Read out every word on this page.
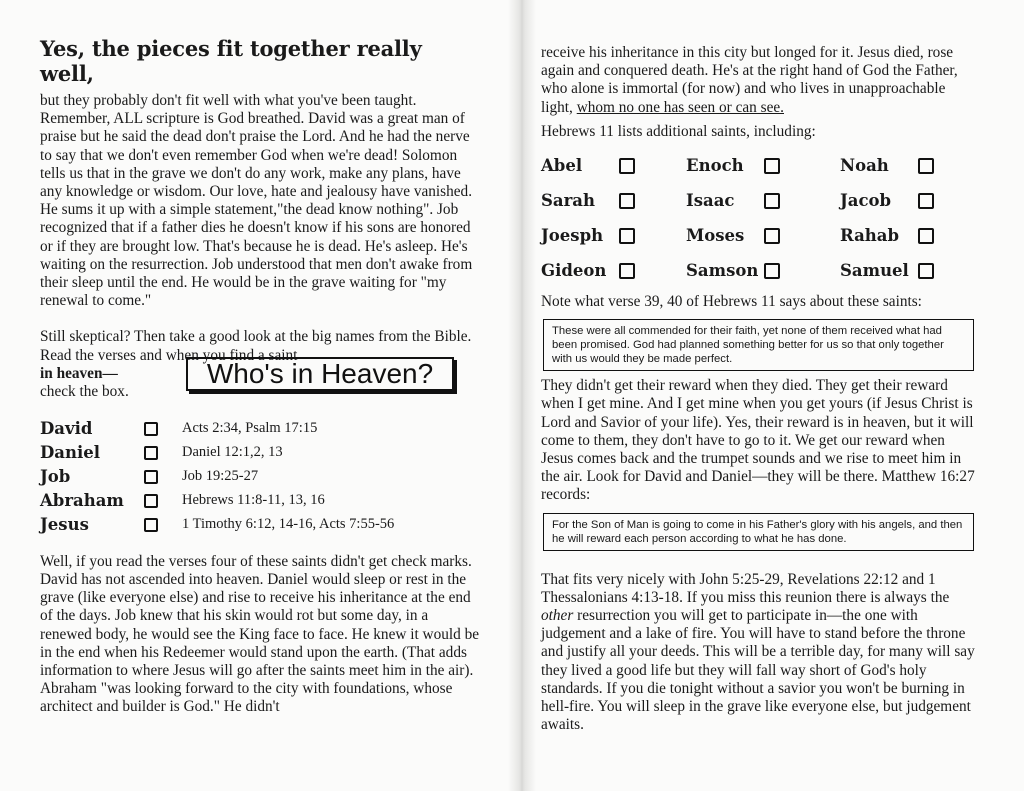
Yes, the pieces fit together really well,

but they probably don't fit well with what you've been taught. Remember, ALL scripture is God breathed. David was a great man of praise but he said the dead don't praise the Lord. And he had the nerve to say that we don't even remember God when we're dead! Solomon tells us that in the grave we don't do any work, make any plans, have any knowledge or wisdom. Our love, hate and jealousy have vanished. He sums it up with a simple statement,"the dead know nothing". Job recognized that if a father dies he doesn't know if his sons are honored or if they are brought low. That's because he is dead. He's asleep. He's waiting on the resurrection. Job understood that men don't awake from their sleep until the end. He would be in the grave waiting for "my renewal to come."

Still skeptical? Then take a good look at the big names from the Bible. Read the verses and when you find a saint

in heaven—
check the box.
Who's in Heaven?
David		Acts 2:34, Psalm 17:15
Daniel		Daniel 12:1,2, 13
Job		Job 19:25-27
Abraham		Hebrews 11:8-11, 13, 16
Jesus		1 Timothy 6:12, 14-16, Acts 7:55-56

Well, if you read the verses four of these saints didn't get check marks. David has not ascended into heaven. Daniel would sleep or rest in the grave (like everyone else) and rise to receive his inheritance at the end of the days. Job knew that his skin would rot but some day, in a renewed body, he would see the King face to face. He knew it would be in the end when his Redeemer would stand upon the earth. (That adds information to where Jesus will go after the saints meet him in the air). Abraham "was looking forward to the city with foundations, whose architect and builder is God." He didn't

receive his inheritance in this city but longed for it. Jesus died, rose again and conquered death. He's at the right hand of God the Father, who alone is immortal (for now) and who lives in unapproachable light, whom no one has seen or can see.

Hebrews 11 lists additional saints, including:

Abel	Enoch	Noah
Sarah	Isaac	Jacob
Joesph	Moses	Rahab
Gideon	Samson	Samuel

Note what verse 39, 40 of Hebrews 11 says about these saints:

These were all commended for their faith, yet none of them received what had been promised. God had planned something better for us so that only together with us would they be made perfect.

They didn't get their reward when they died. They get their reward when I get mine. And I get mine when you get yours (if Jesus Christ is Lord and Savior of your life). Yes, their reward is in heaven, but it will come to them, they don't have to go to it. We get our reward when Jesus comes back and the trumpet sounds and we rise to meet him in the air. Look for David and Daniel—they will be there. Matthew 16:27 records:

For the Son of Man is going to come in his Father's glory with his angels, and then he will reward each person according to what he has done.

That fits very nicely with John 5:25-29, Revelations 22:12 and 1 Thessalonians 4:13-18. If you miss this reunion there is always the other resurrection you will get to participate in—the one with judgement and a lake of fire. You will have to stand before the throne and justify all your deeds. This will be a terrible day, for many will say they lived a good life but they will fall way short of God's holy standards. If you die tonight without a savior you won't be burning in hell-fire. You will sleep in the grave like everyone else, but judgement awaits.
